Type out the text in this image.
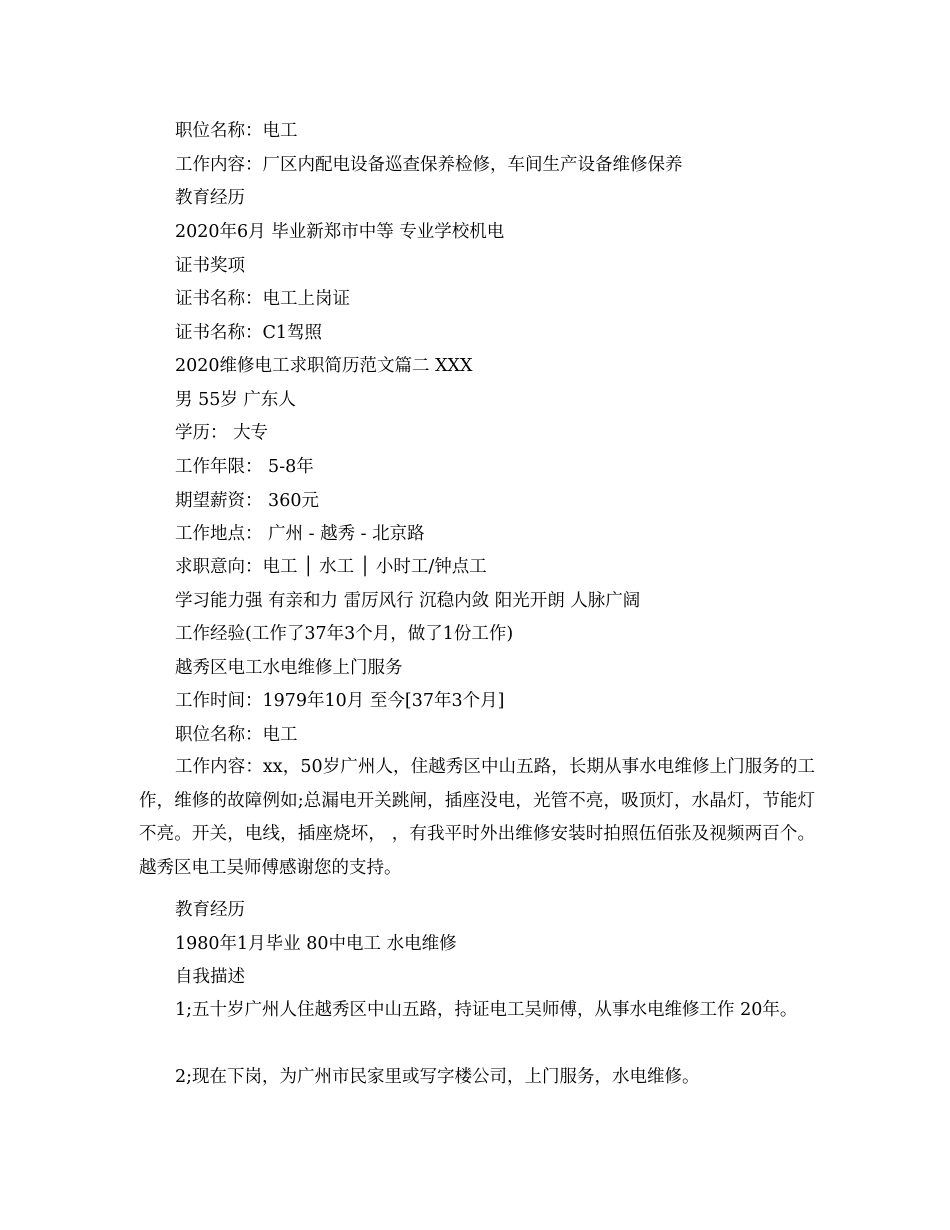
职位名称：电工
工作内容：厂区内配电设备巡查保养检修，车间生产设备维修保养
教育经历
2020年6月 毕业新郑市中等 专业学校机电
证书奖项
证书名称：电工上岗证
证书名称：C1驾照
2020维修电工求职简历范文篇二 XXX
男 55岁 广东人
学历： 大专
工作年限： 5-8年
期望薪资： 360元
工作地点： 广州 - 越秀 - 北京路
求职意向：电工 │ 水工 │ 小时工/钟点工
学习能力强 有亲和力 雷厉风行 沉稳内敛 阳光开朗 人脉广阔
工作经验(工作了37年3个月，做了1份工作)
越秀区电工水电维修上门服务
工作时间：1979年10月 至今[37年3个月]
职位名称：电工
工作内容：xx，50岁广州人，住越秀区中山五路，长期从事水电维修上门服务的工作，维修的故障例如;总漏电开关跳闸，插座没电，光管不亮，吸顶灯，水晶灯，节能灯不亮。开关，电线，插座烧坏， ，有我平时外出维修安装时拍照伍佰张及视频两百个。越秀区电工吴师傅感谢您的支持。
教育经历
1980年1月毕业 80中电工 水电维修
自我描述
1;五十岁广州人住越秀区中山五路，持证电工吴师傅，从事水电维修工作 20年。
2;现在下岗，为广州市民家里或写字楼公司，上门服务，水电维修。
